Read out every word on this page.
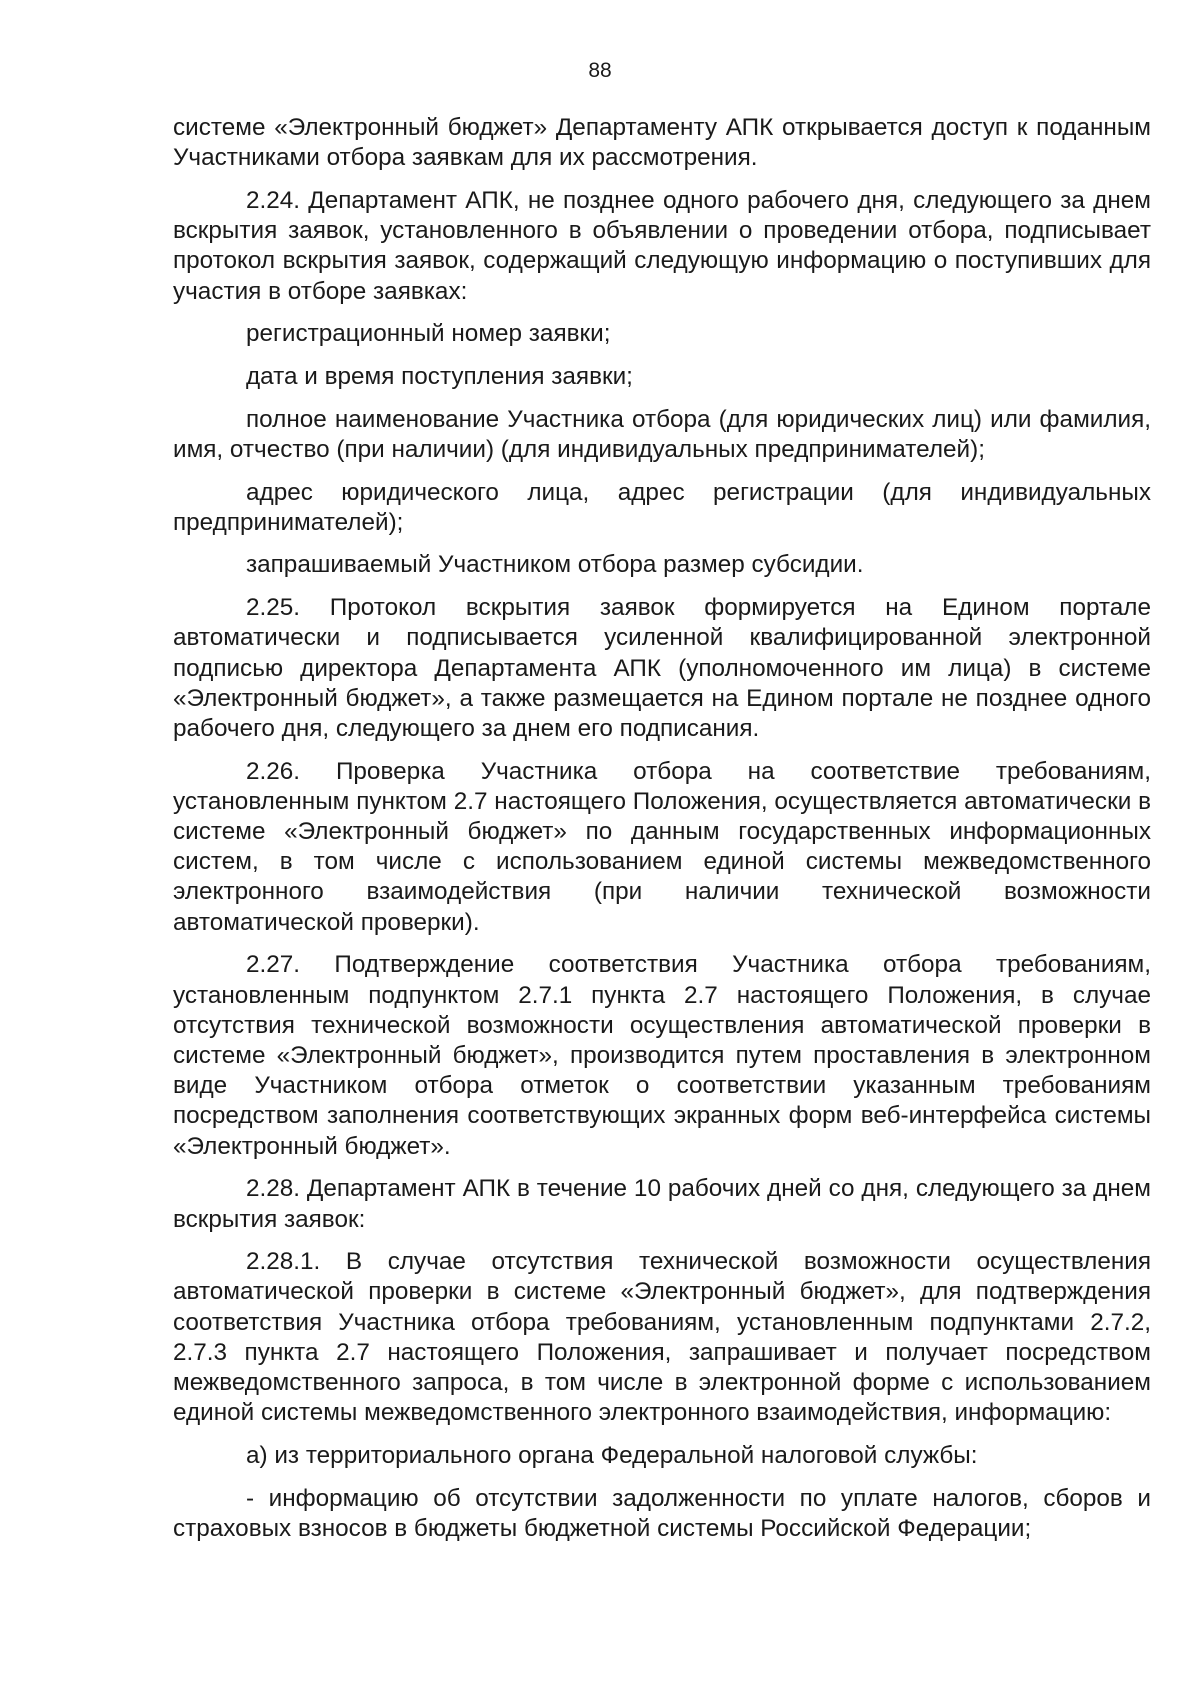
88

системе «Электронный бюджет» Департаменту АПК открывается доступ к поданным Участниками отбора заявкам для их рассмотрения.

2.24. Департамент АПК, не позднее одного рабочего дня, следующего за днем вскрытия заявок, установленного в объявлении о проведении отбора, подписывает протокол вскрытия заявок, содержащий следующую информацию о поступивших для участия в отборе заявках:

регистрационный номер заявки;

дата и время поступления заявки;

полное наименование Участника отбора (для юридических лиц) или фамилия, имя, отчество (при наличии) (для индивидуальных предпринимателей);

адрес юридического лица, адрес регистрации (для индивидуальных предпринимателей);

запрашиваемый Участником отбора размер субсидии.

2.25. Протокол вскрытия заявок формируется на Едином портале автоматически и подписывается усиленной квалифицированной электронной подписью директора Департамента АПК (уполномоченного им лица) в системе «Электронный бюджет», а также размещается на Едином портале не позднее одного рабочего дня, следующего за днем его подписания.

2.26. Проверка Участника отбора на соответствие требованиям, установленным пунктом 2.7 настоящего Положения, осуществляется автоматически в системе «Электронный бюджет» по данным государственных информационных систем, в том числе с использованием единой системы межведомственного электронного взаимодействия (при наличии технической возможности автоматической проверки).

2.27. Подтверждение соответствия Участника отбора требованиям, установленным подпунктом 2.7.1 пункта 2.7 настоящего Положения, в случае отсутствия технической возможности осуществления автоматической проверки в системе «Электронный бюджет», производится путем проставления в электронном виде Участником отбора отметок о соответствии указанным требованиям посредством заполнения соответствующих экранных форм веб-интерфейса системы «Электронный бюджет».

2.28. Департамент АПК в течение 10 рабочих дней со дня, следующего за днем вскрытия заявок:

2.28.1. В случае отсутствия технической возможности осуществления автоматической проверки в системе «Электронный бюджет», для подтверждения соответствия Участника отбора требованиям, установленным подпунктами 2.7.2, 2.7.3 пункта 2.7 настоящего Положения, запрашивает и получает посредством межведомственного запроса, в том числе в электронной форме с использованием единой системы межведомственного электронного взаимодействия, информацию:

а) из территориального органа Федеральной налоговой службы:

- информацию об отсутствии задолженности по уплате налогов, сборов и страховых взносов в бюджеты бюджетной системы Российской Федерации;
